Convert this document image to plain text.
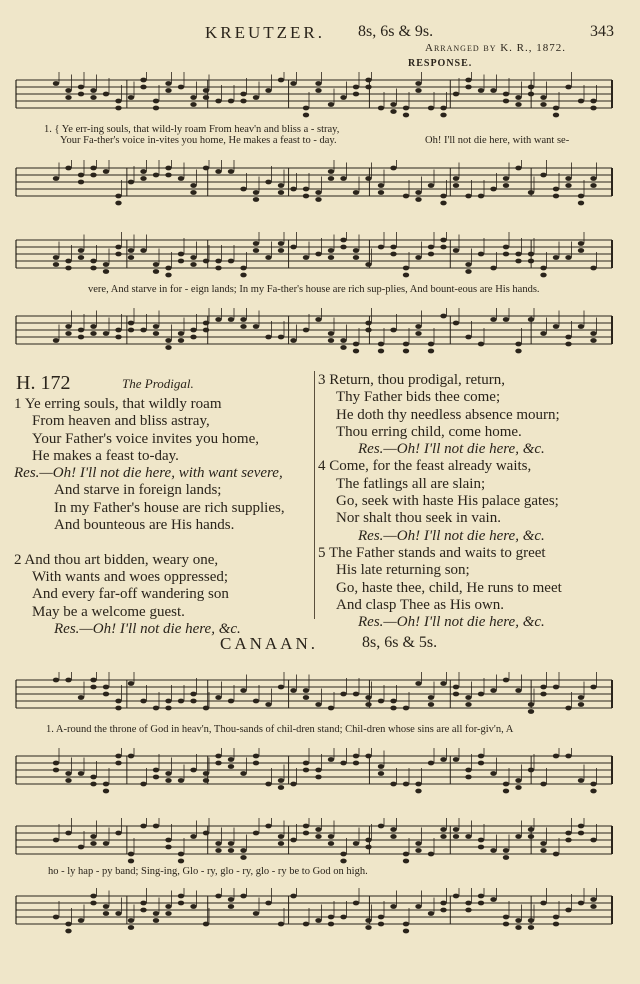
KREUTZER. 8s, 6s & 9s.	343
Arranged by K. R., 1872.
RESPONSE.
1. { Ye err-ing souls, that wild-ly roam From heav'n and bliss a - stray,
Your Fa-ther's voice in-vites you home, He makes a feast to - day.	Oh! I'll not die here, with want se-
vere, And starve in for - eign lands; In my Fa-ther's house are rich sup-plies, And bount-eous are His hands.
H. 172	The Prodigal.
1 Ye erring souls, that wildly roam
From heaven and bliss astray,
Your Father's voice invites you home,
He makes a feast to-day.
Res.—Oh! I'll not die here, with want severe,
And starve in foreign lands;
In my Father's house are rich supplies,
And bounteous are His hands.

2 And thou art bidden, weary one,
With wants and woes oppressed;
And every far-off wandering son
May be a welcome guest.
Res.—Oh! I'll not die here, &c.
3 Return, thou prodigal, return,
Thy Father bids thee come;
He doth thy needless absence mourn;
Thou erring child, come home.
Res.—Oh! I'll not die here, &c.
4 Come, for the feast already waits,
The fatlings all are slain;
Go, seek with haste His palace gates;
Nor shalt thou seek in vain.
Res.—Oh! I'll not die here, &c.
5 The Father stands and waits to greet
His late returning son;
Go, haste thee, child, He runs to meet
And clasp Thee as His own.
Res.—Oh! I'll not die here, &c.
CANAAN.	8s, 6s & 5s.
1. A-round the throne of God in heav'n, Thou-sands of chil-dren stand; Chil-dren whose sins are all for-giv'n, A
ho - ly hap - py band; Sing-ing, Glo - ry, glo - ry, glo - ry be to God on high.
